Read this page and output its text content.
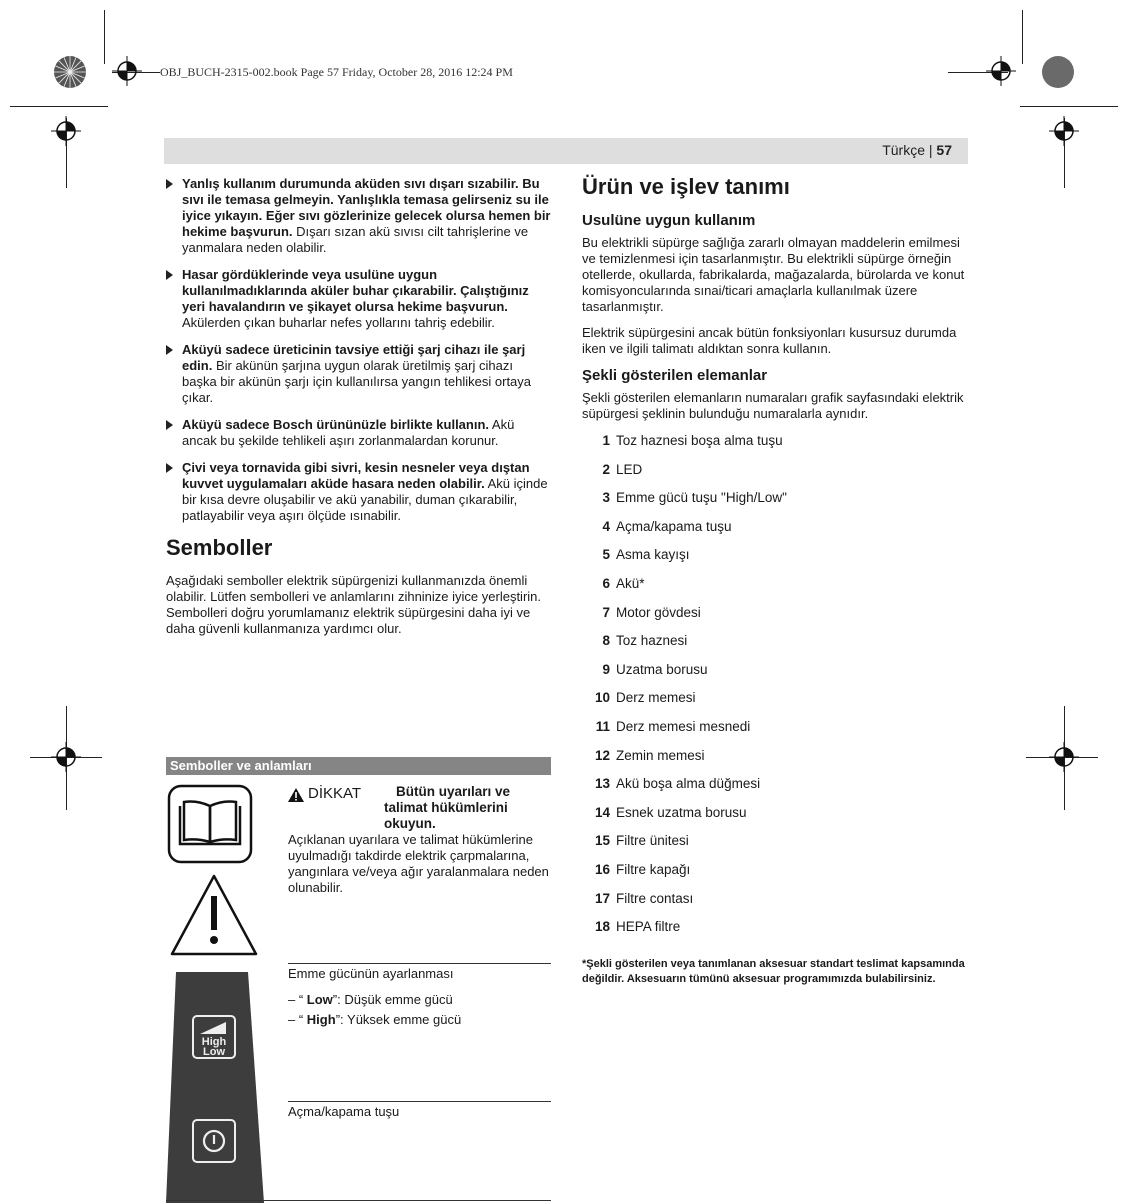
OBJ_BUCH-2315-002.book Page 57 Friday, October 28, 2016 12:24 PM
Türkçe | 57
Yanlış kullanım durumunda aküden sıvı dışarı sızabilir. Bu sıvı ile temasa gelmeyin. Yanlışlıkla temasa gelirseniz su ile iyice yıkayın. Eğer sıvı gözlerinize gelecek olursa hemen bir hekime başvurun. Dışarı sızan akü sıvısı cilt tahrişlerine ve yanmalara neden olabilir.
Hasar gördüklerinde veya usulüne uygun kullanılmadıklarında aküler buhar çıkarabilir. Çalıştığınız yeri havalandırın ve şikayet olursa hekime başvurun. Akülerden çıkan buharlar nefes yollarını tahriş edebilir.
Aküyü sadece üreticinin tavsiye ettiği şarj cihazı ile şarj edin. Bir akünün şarjına uygun olarak üretilmiş şarj cihazı başka bir akünün şarjı için kullanılırsa yangın tehlikesi ortaya çıkar.
Aküyü sadece Bosch ürününüzle birlikte kullanın. Akü ancak bu şekilde tehlikeli aşırı zorlanmalardan korunur.
Çivi veya tornavida gibi sivri, kesin nesneler veya dıştan kuvvet uygulamaları aküde hasara neden olabilir. Akü içinde bir kısa devre oluşabilir ve akü yanabilir, duman çıkarabilir, patlayabilir veya aşırı ölçüde ısınabilir.
Semboller
Aşağıdaki semboller elektrik süpürgenizi kullanmanızda önemli olabilir. Lütfen sembolleri ve anlamlarını zihninize iyice yerleştirin. Sembolleri doğru yorumlamanız elektrik süpürgesini daha iyi ve daha güvenli kullanmanıza yardımcı olur.
Semboller ve anlamları
DİKKAT	Bütün uyarıları ve talimat hükümlerini okuyun.
Açıklanan uyarılara ve talimat hükümlerine uyulmadığı takdirde elektrik çarpmalarına, yangınlara ve/veya ağır yaralanmalara neden olunabilir.
High
Low
Emme gücünün ayarlanması
– “ Low”: Düşük emme gücü
– “ High”: Yüksek emme gücü
Açma/kapama tuşu
Ürün ve işlev tanımı
Usulüne uygun kullanım
Bu elektrikli süpürge sağlığa zararlı olmayan maddelerin emilmesi ve temizlenmesi için tasarlanmıştır. Bu elektrikli süpürge örneğin otellerde, okullarda, fabrikalarda, mağazalarda, bürolarda ve konut komisyoncularında sınai/ticari amaçlarla kullanılmak üzere tasarlanmıştır.
Elektrik süpürgesini ancak bütün fonksiyonları kusursuz durumda iken ve ilgili talimatı aldıktan sonra kullanın.
Şekli gösterilen elemanlar
Şekli gösterilen elemanların numaraları grafik sayfasındaki elektrik süpürgesi şeklinin bulunduğu numaralarla aynıdır.
1 Toz haznesi boşa alma tuşu
2 LED
3 Emme gücü tuşu "High/Low"
4 Açma/kapama tuşu
5 Asma kayışı
6 Akü*
7 Motor gövdesi
8 Toz haznesi
9 Uzatma borusu
10 Derz memesi
11 Derz memesi mesnedi
12 Zemin memesi
13 Akü boşa alma düğmesi
14 Esnek uzatma borusu
15 Filtre ünitesi
16 Filtre kapağı
17 Filtre contası
18 HEPA filtre
*Şekli gösterilen veya tanımlanan aksesuar standart teslimat kapsamında değildir. Aksesuarın tümünü aksesuar programımızda bulabilirsiniz.
